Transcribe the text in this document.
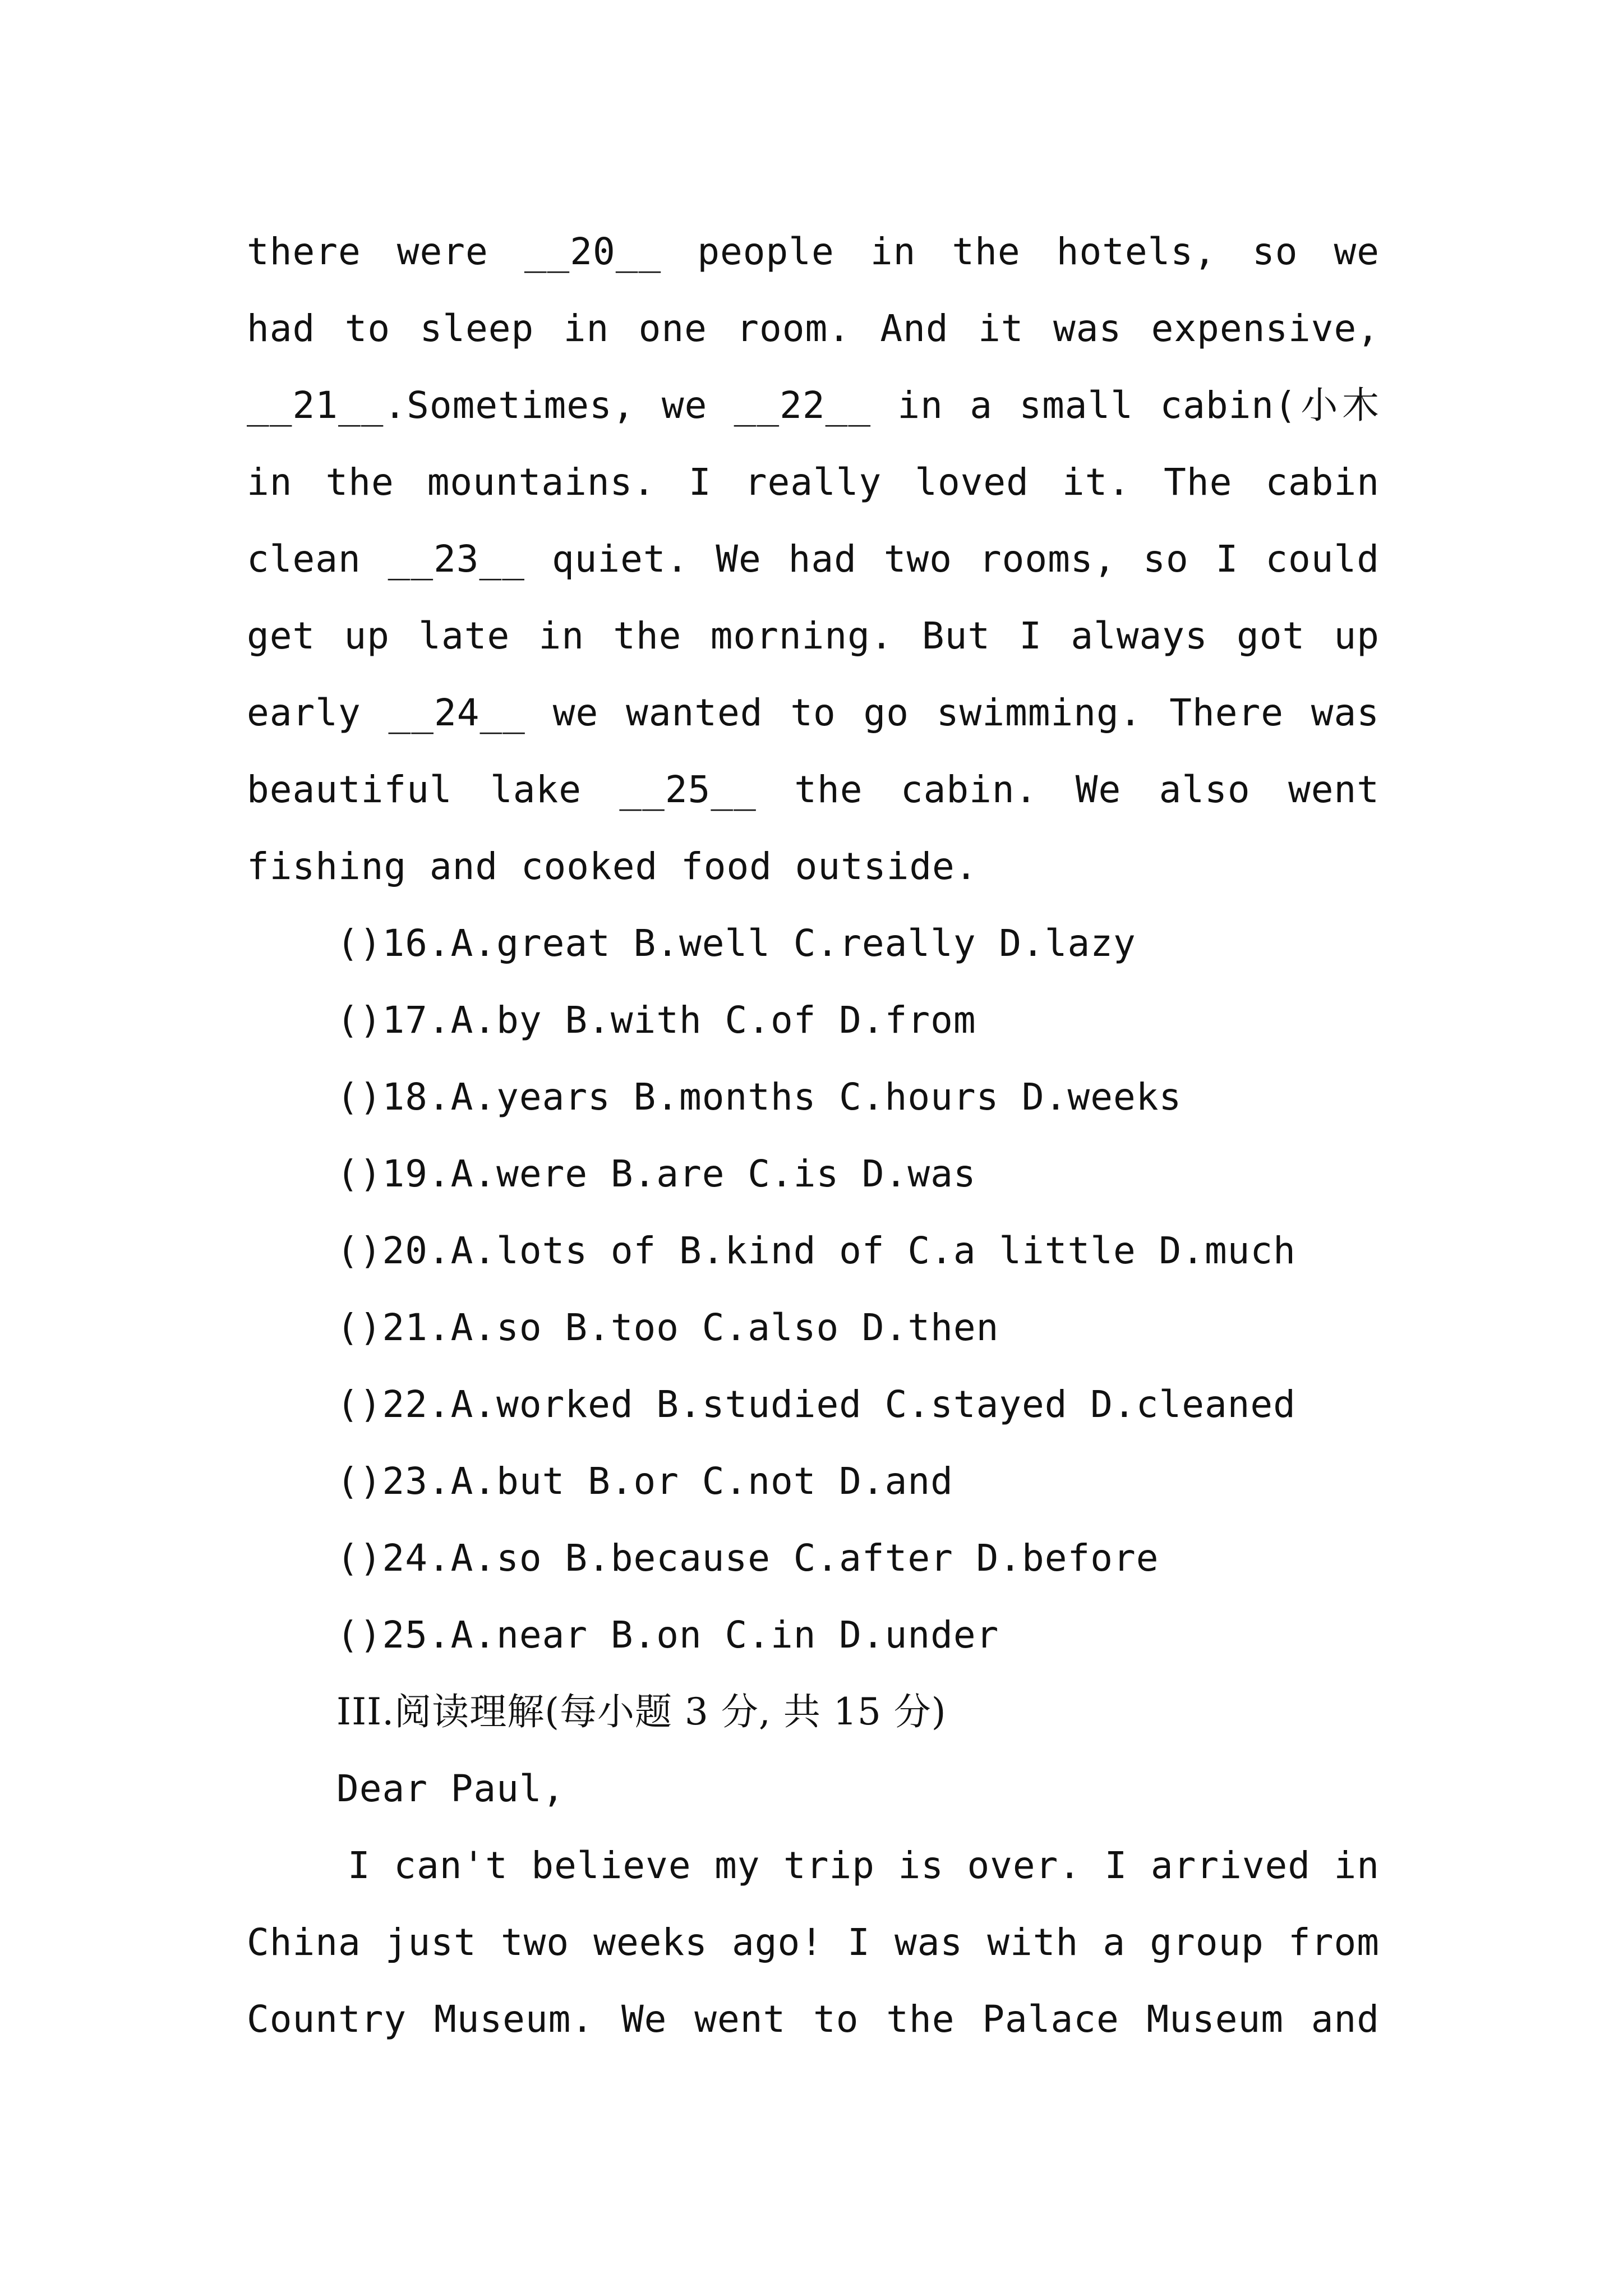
there were __20__ people in the hotels, so we
had to sleep in one room. And it was expensive,
__21__.Sometimes, we __22__ in a small cabin(小木
in the mountains. I really loved it. The cabin
clean __23__ quiet. We had two rooms, so I could
get up late in the morning. But I always got up
early __24__ we wanted to go swimming. There was
beautiful lake __25__ the cabin. We also went
fishing and cooked food outside.
()16.A.great B.well C.really D.lazy
()17.A.by B.with C.of D.from
()18.A.years B.months C.hours D.weeks
()19.A.were B.are C.is D.was
()20.A.lots of B.kind of C.a little D.much
()21.A.so B.too C.also D.then
()22.A.worked B.studied C.stayed D.cleaned
()23.A.but B.or C.not D.and
()24.A.so B.because C.after D.before
()25.A.near B.on C.in D.under
III.阅读理解(每小题 3 分, 共 15 分)
Dear Paul,
I can't believe my trip is over. I arrived in
China just two weeks ago! I was with a group from
Country Museum. We went to the Palace Museum and
